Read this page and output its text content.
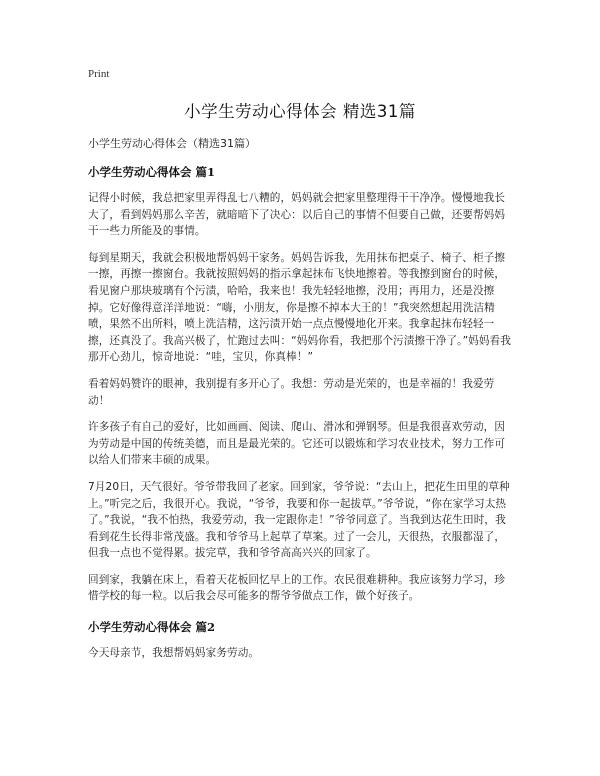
Print
小学生劳动心得体会 精选31篇

小学生劳动心得体会（精选31篇）

小学生劳动心得体会 篇1

记得小时候，我总把家里弄得乱七八糟的，妈妈就会把家里整理得干干净净。慢慢地我长大了，看到妈妈那么辛苦，就暗暗下了决心：以后自己的事情不但要自己做，还要帮妈妈干一些力所能及的事情。

每到星期天，我就会积极地帮妈妈干家务。妈妈告诉我，先用抹布把桌子、椅子、柜子擦一擦，再擦一擦窗台。我就按照妈妈的指示拿起抹布飞快地擦着。等我擦到窗台的时候，看见窗户那块玻璃有个污渍，哈哈，我来也！我先轻轻地擦，没用；再用力，还是没擦掉。它好像得意洋洋地说：“嗨，小朋友，你是擦不掉本大王的！”我突然想起用洗洁精喷，果然不出所料，喷上洗洁精，这污渍开始一点点慢慢地化开来。我拿起抹布轻轻一擦，还真没了。我高兴极了，忙跑过去叫：“妈妈你看，我把那个污渍擦干净了。”妈妈看我那开心劲儿，惊奇地说：“哇，宝贝，你真棒！”

看着妈妈赞许的眼神，我别提有多开心了。我想：劳动是光荣的，也是幸福的！我爱劳动！

许多孩子有自己的爱好，比如画画、阅读、爬山、滑冰和弹钢琴。但是我很喜欢劳动，因为劳动是中国的传统美德，而且是最光荣的。它还可以锻炼和学习农业技术，努力工作可以给人们带来丰硕的成果。

7月20日，天气很好。爷爷带我回了老家。回到家，爷爷说：“去山上，把花生田里的草种上。”听完之后，我很开心。我说，“爷爷，我要和你一起拔草。”爷爷说，“你在家学习太热了。”我说，“我不怕热，我爱劳动，我一定跟你走！”爷爷同意了。当我到达花生田时，我看到花生长得非常茂盛。我和爷爷马上起草了草案。过了一会儿，天很热，衣服都湿了，但我一点也不觉得累。拔完草，我和爷爷高高兴兴的回家了。

回到家，我躺在床上，看着天花板回忆早上的工作。农民很难耕种。我应该努力学习，珍惜学校的每一粒。以后我会尽可能多的帮爷爷做点工作，做个好孩子。

小学生劳动心得体会 篇2

今天母亲节，我想帮妈妈家务劳动。
